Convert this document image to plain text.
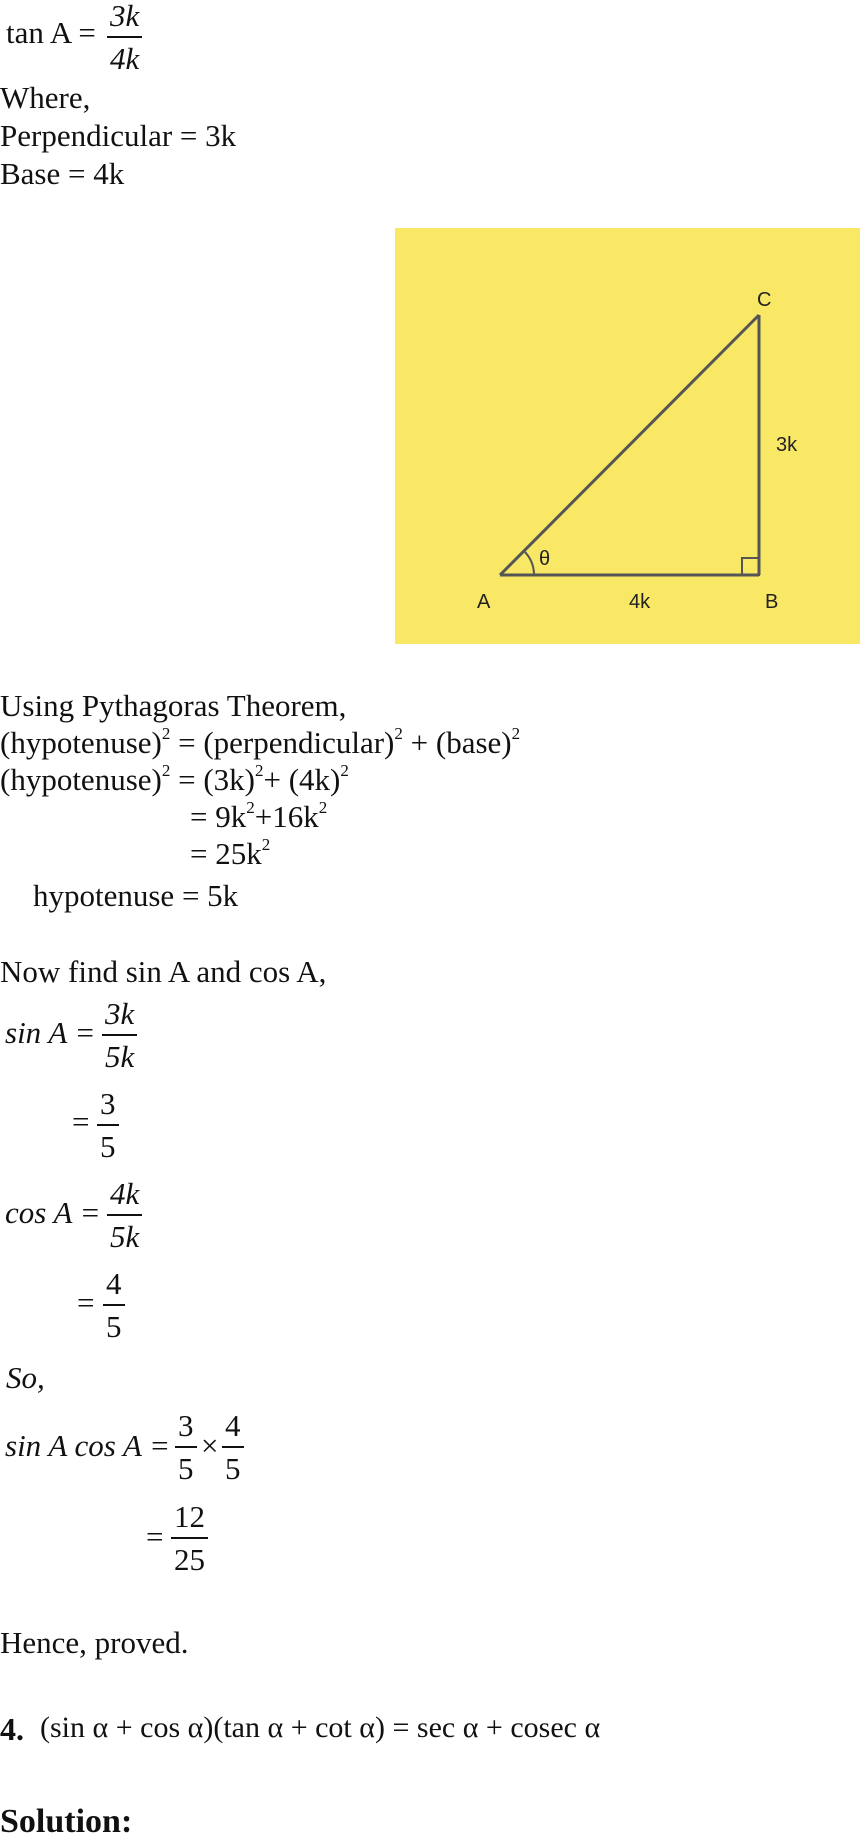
$\tan A = \frac{3k}{4k}$
Where,
Perpendicular = 3k
Base = 4k
θ
A	B
C
4k
3k
Using Pythagoras Theorem,
(hypotenuse)$^2$ = (perpendicular)$^2$ + (base)$^2$
(hypotenuse)$^2$ = $(3k)^2+ (4k)^2$
= $9k^2+16k^2$
= $25k^2$
hypotenuse = 5k
Now find sin A and cos A,
$\sin A = \frac{3k}{5k}$
= $\frac{3}{5}$
$\cos A = \frac{4k}{5k}$
= $\frac{4}{5}$
So,
sin A $\cos A = \frac{3}{5} \times \frac{4}{5}$
= $\frac{12}{25}$
Hence, proved.
4. (sin α + cos α)(tan α + cot α) = sec α + cosec α
Solution:
